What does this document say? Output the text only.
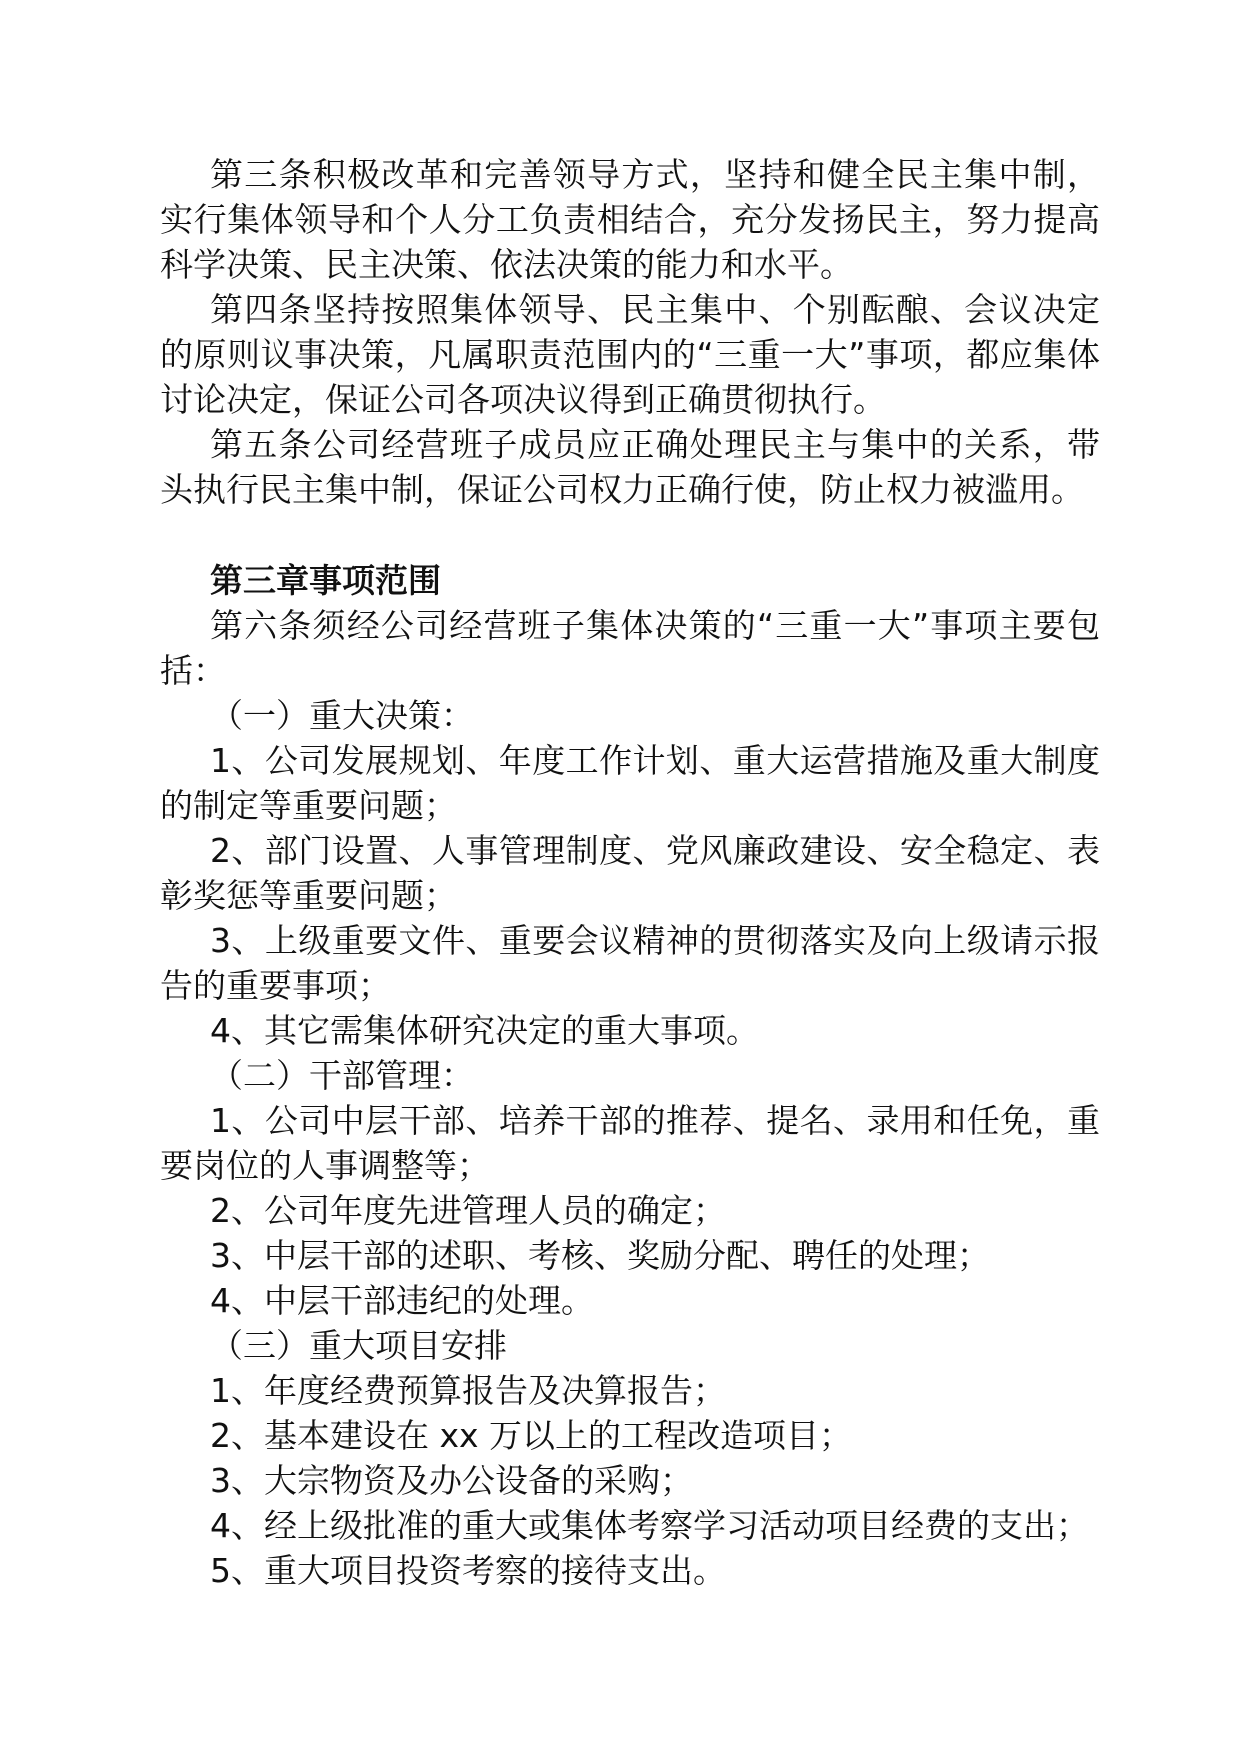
第三条积极改革和完善领导方式，坚持和健全民主集中制，实行集体领导和个人分工负责相结合，充分发扬民主，努力提高科学决策、民主决策、依法决策的能力和水平。

第四条坚持按照集体领导、民主集中、个别酝酿、会议决定的原则议事决策，凡属职责范围内的“三重一大”事项，都应集体讨论决定，保证公司各项决议得到正确贯彻执行。

第五条公司经营班子成员应正确处理民主与集中的关系，带头执行民主集中制，保证公司权力正确行使，防止权力被滥用。

第三章事项范围

第六条须经公司经营班子集体决策的“三重一大”事项主要包括：

（一）重大决策：

1、公司发展规划、年度工作计划、重大运营措施及重大制度的制定等重要问题；

2、部门设置、人事管理制度、党风廉政建设、安全稳定、表彰奖惩等重要问题；

3、上级重要文件、重要会议精神的贯彻落实及向上级请示报告的重要事项；

4、其它需集体研究决定的重大事项。

（二）干部管理：

1、公司中层干部、培养干部的推荐、提名、录用和任免，重要岗位的人事调整等；

2、公司年度先进管理人员的确定；

3、中层干部的述职、考核、奖励分配、聘任的处理；

4、中层干部违纪的处理。

（三）重大项目安排

1、年度经费预算报告及决算报告；

2、基本建设在 xx 万以上的工程改造项目；

3、大宗物资及办公设备的采购；

4、经上级批准的重大或集体考察学习活动项目经费的支出；

5、重大项目投资考察的接待支出。
